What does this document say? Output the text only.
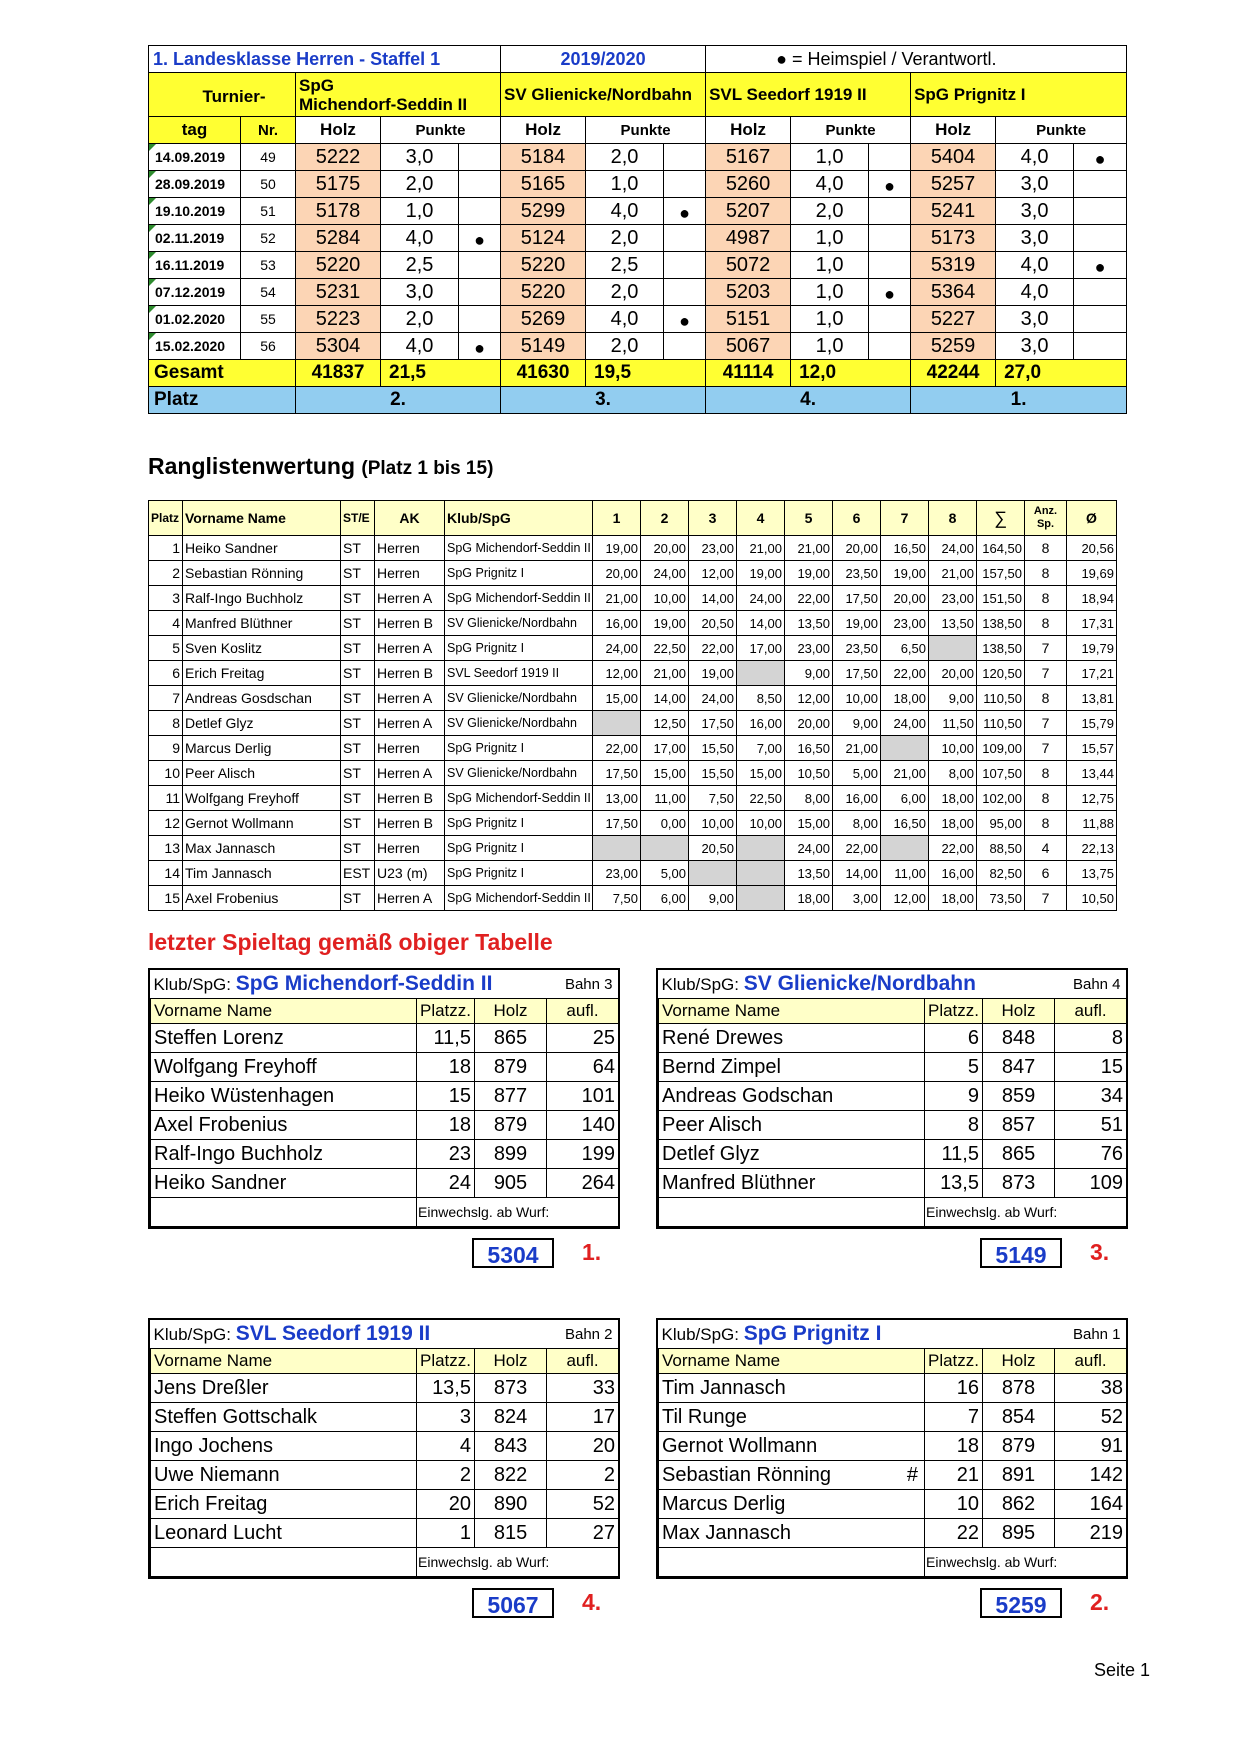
1. Landesklasse Herren - Staffel 1					2019/2020			● = Heimspiel / Verantwortl.					

Turnier-		SpG
Michendorf-Seddin II			SV Glienicke/Nordbahn			SVL Seedorf 1919 II			SpG Prignitz I		

tag	Nr.	Holz	Punkte		Holz	Punkte		Holz	Punkte		Holz	Punkte	
14.09.2019	49	5222	3,0		5184	2,0		5167	1,0		5404	4,0	●
28.09.2019	50	5175	2,0		5165	1,0		5260	4,0	●	5257	3,0	
19.10.2019	51	5178	1,0		5299	4,0	●	5207	2,0		5241	3,0	
02.11.2019	52	5284	4,0	●	5124	2,0		4987	1,0		5173	3,0	
16.11.2019	53	5220	2,5		5220	2,5		5072	1,0		5319	4,0	●
07.12.2019	54	5231	3,0		5220	2,0		5203	1,0	●	5364	4,0	
01.02.2020	55	5223	2,0		5269	4,0	●	5151	1,0		5227	3,0	
15.02.2020	56	5304	4,0	●	5149	2,0		5067	1,0		5259	3,0	
Gesamt		41837	21,5		41630	19,5		41114	12,0		42244	27,0	
Platz		2.			3.			4.			1.		
Ranglistenwertung (Platz 1 bis 15)
Platz	Vorname Name	ST/E	AK	Klub/SpG	1	2	3	4	5	6	7	8	∑	Anz. Sp.	Ø
1	Heiko Sandner	ST	Herren	SpG Michendorf-Seddin II	19,00	20,00	23,00	21,00	21,00	20,00	16,50	24,00	164,50	8	20,56
2	Sebastian Rönning	ST	Herren	SpG Prignitz I	20,00	24,00	12,00	19,00	19,00	23,50	19,00	21,00	157,50	8	19,69
3	Ralf-Ingo Buchholz	ST	Herren A	SpG Michendorf-Seddin II	21,00	10,00	14,00	24,00	22,00	17,50	20,00	23,00	151,50	8	18,94
4	Manfred Blüthner	ST	Herren B	SV Glienicke/Nordbahn	16,00	19,00	20,50	14,00	13,50	19,00	23,00	13,50	138,50	8	17,31
5	Sven Koslitz	ST	Herren A	SpG Prignitz I	24,00	22,50	22,00	17,00	23,00	23,50	6,50		138,50	7	19,79
6	Erich Freitag	ST	Herren B	SVL Seedorf 1919 II	12,00	21,00	19,00		9,00	17,50	22,00	20,00	120,50	7	17,21
7	Andreas Gosdschan	ST	Herren A	SV Glienicke/Nordbahn	15,00	14,00	24,00	8,50	12,00	10,00	18,00	9,00	110,50	8	13,81
8	Detlef Glyz	ST	Herren A	SV Glienicke/Nordbahn		12,50	17,50	16,00	20,00	9,00	24,00	11,50	110,50	7	15,79
9	Marcus Derlig	ST	Herren	SpG Prignitz I	22,00	17,00	15,50	7,00	16,50	21,00		10,00	109,00	7	15,57
10	Peer Alisch	ST	Herren A	SV Glienicke/Nordbahn	17,50	15,00	15,50	15,00	10,50	5,00	21,00	8,00	107,50	8	13,44
11	Wolfgang Freyhoff	ST	Herren B	SpG Michendorf-Seddin II	13,00	11,00	7,50	22,50	8,00	16,00	6,00	18,00	102,00	8	12,75
12	Gernot Wollmann	ST	Herren B	SpG Prignitz I	17,50	0,00	10,00	10,00	15,00	8,00	16,50	18,00	95,00	8	11,88
13	Max Jannasch	ST	Herren	SpG Prignitz I			20,50		24,00	22,00		22,00	88,50	4	22,13
14	Tim Jannasch	EST	U23 (m)	SpG Prignitz I	23,00	5,00			13,50	14,00	11,00	16,00	82,50	6	13,75
15	Axel Frobenius	ST	Herren A	SpG Michendorf-Seddin II	7,50	6,00	9,00		18,00	3,00	12,00	18,00	73,50	7	10,50
letzter Spieltag gemäß obiger Tabelle
Klub/SpG: SpG Michendorf-Seddin II			Bahn 3
Vorname Name	Platzz.	Holz	aufl.

Steffen Lorenz	11,5	865	25

Wolfgang Freyhoff	18	879	64

Heiko Wüstenhagen	15	877	101

Axel Frobenius	18	879	140

Ralf-Ingo Buchholz	23	899	199

Heiko Sandner	24	905	264
	Einwechslg. ab Wurf:		
5304	1.
Klub/SpG: SV Glienicke/Nordbahn			Bahn 4
Vorname Name	Platzz.	Holz	aufl.

René Drewes	6	848	8

Bernd Zimpel	5	847	15

Andreas Godschan	9	859	34

Peer Alisch	8	857	51

Detlef Glyz	11,5	865	76

Manfred Blüthner	13,5	873	109
	Einwechslg. ab Wurf:		
5149	3.
Klub/SpG: SVL Seedorf 1919 II			Bahn 2
Vorname Name	Platzz.	Holz	aufl.

Jens Dreßler	13,5	873	33

Steffen Gottschalk	3	824	17

Ingo Jochens	4	843	20

Uwe Niemann	2	822	2

Erich Freitag	20	890	52

Leonard Lucht	1	815	27
	Einwechslg. ab Wurf:		
5067	4.
Klub/SpG: SpG Prignitz I			Bahn 1
Vorname Name	Platzz.	Holz	aufl.

Tim Jannasch	16	878	38

Til Runge	7	854	52

Gernot Wollmann	18	879	91

Sebastian Rönning #	21	891	142

Marcus Derlig	10	862	164

Max Jannasch	22	895	219
	Einwechslg. ab Wurf:		
5259	2.
Seite 1
